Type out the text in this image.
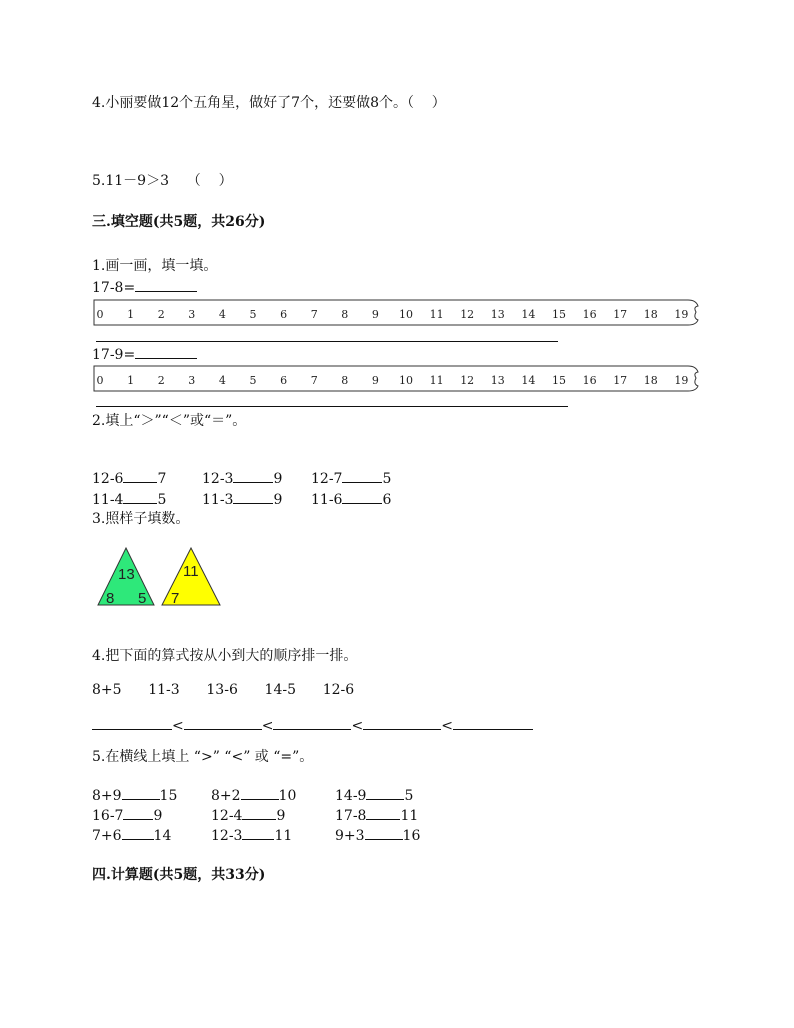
4.小丽要做12个五角星，做好了7个，还要做8个。（    ）
5.11－9＞3    （    ）
三.填空题(共5题，共26分)
1.画一画，填一填。
17-8=
0 1 2 3 4 5 6 7 8 9 10 11 12 13 14 15 16 17 18 19
17-9=
0 1 2 3 4 5 6 7 8 9 10 11 12 13 14 15 16 17 18 19
2.填上“＞”“＜”或“＝”。
12-6 7	12-3	9 12-7	5
11-4 5	11-3	9 11-6	6
3.照样子填数。
13
8 5
11
7
4.把下面的算式按从小到大的顺序排一排。
8+5      11-3      13-6      14-5      12-6
<	<	<	<
5.在横线上填上 “>” “<” 或 “=”。
8+9	15 8+2	10	14-9	5
16-7 9	12-4 9	17-8 11
7+6 14	12-3 11	9+3	16
四.计算题(共5题，共33分)
